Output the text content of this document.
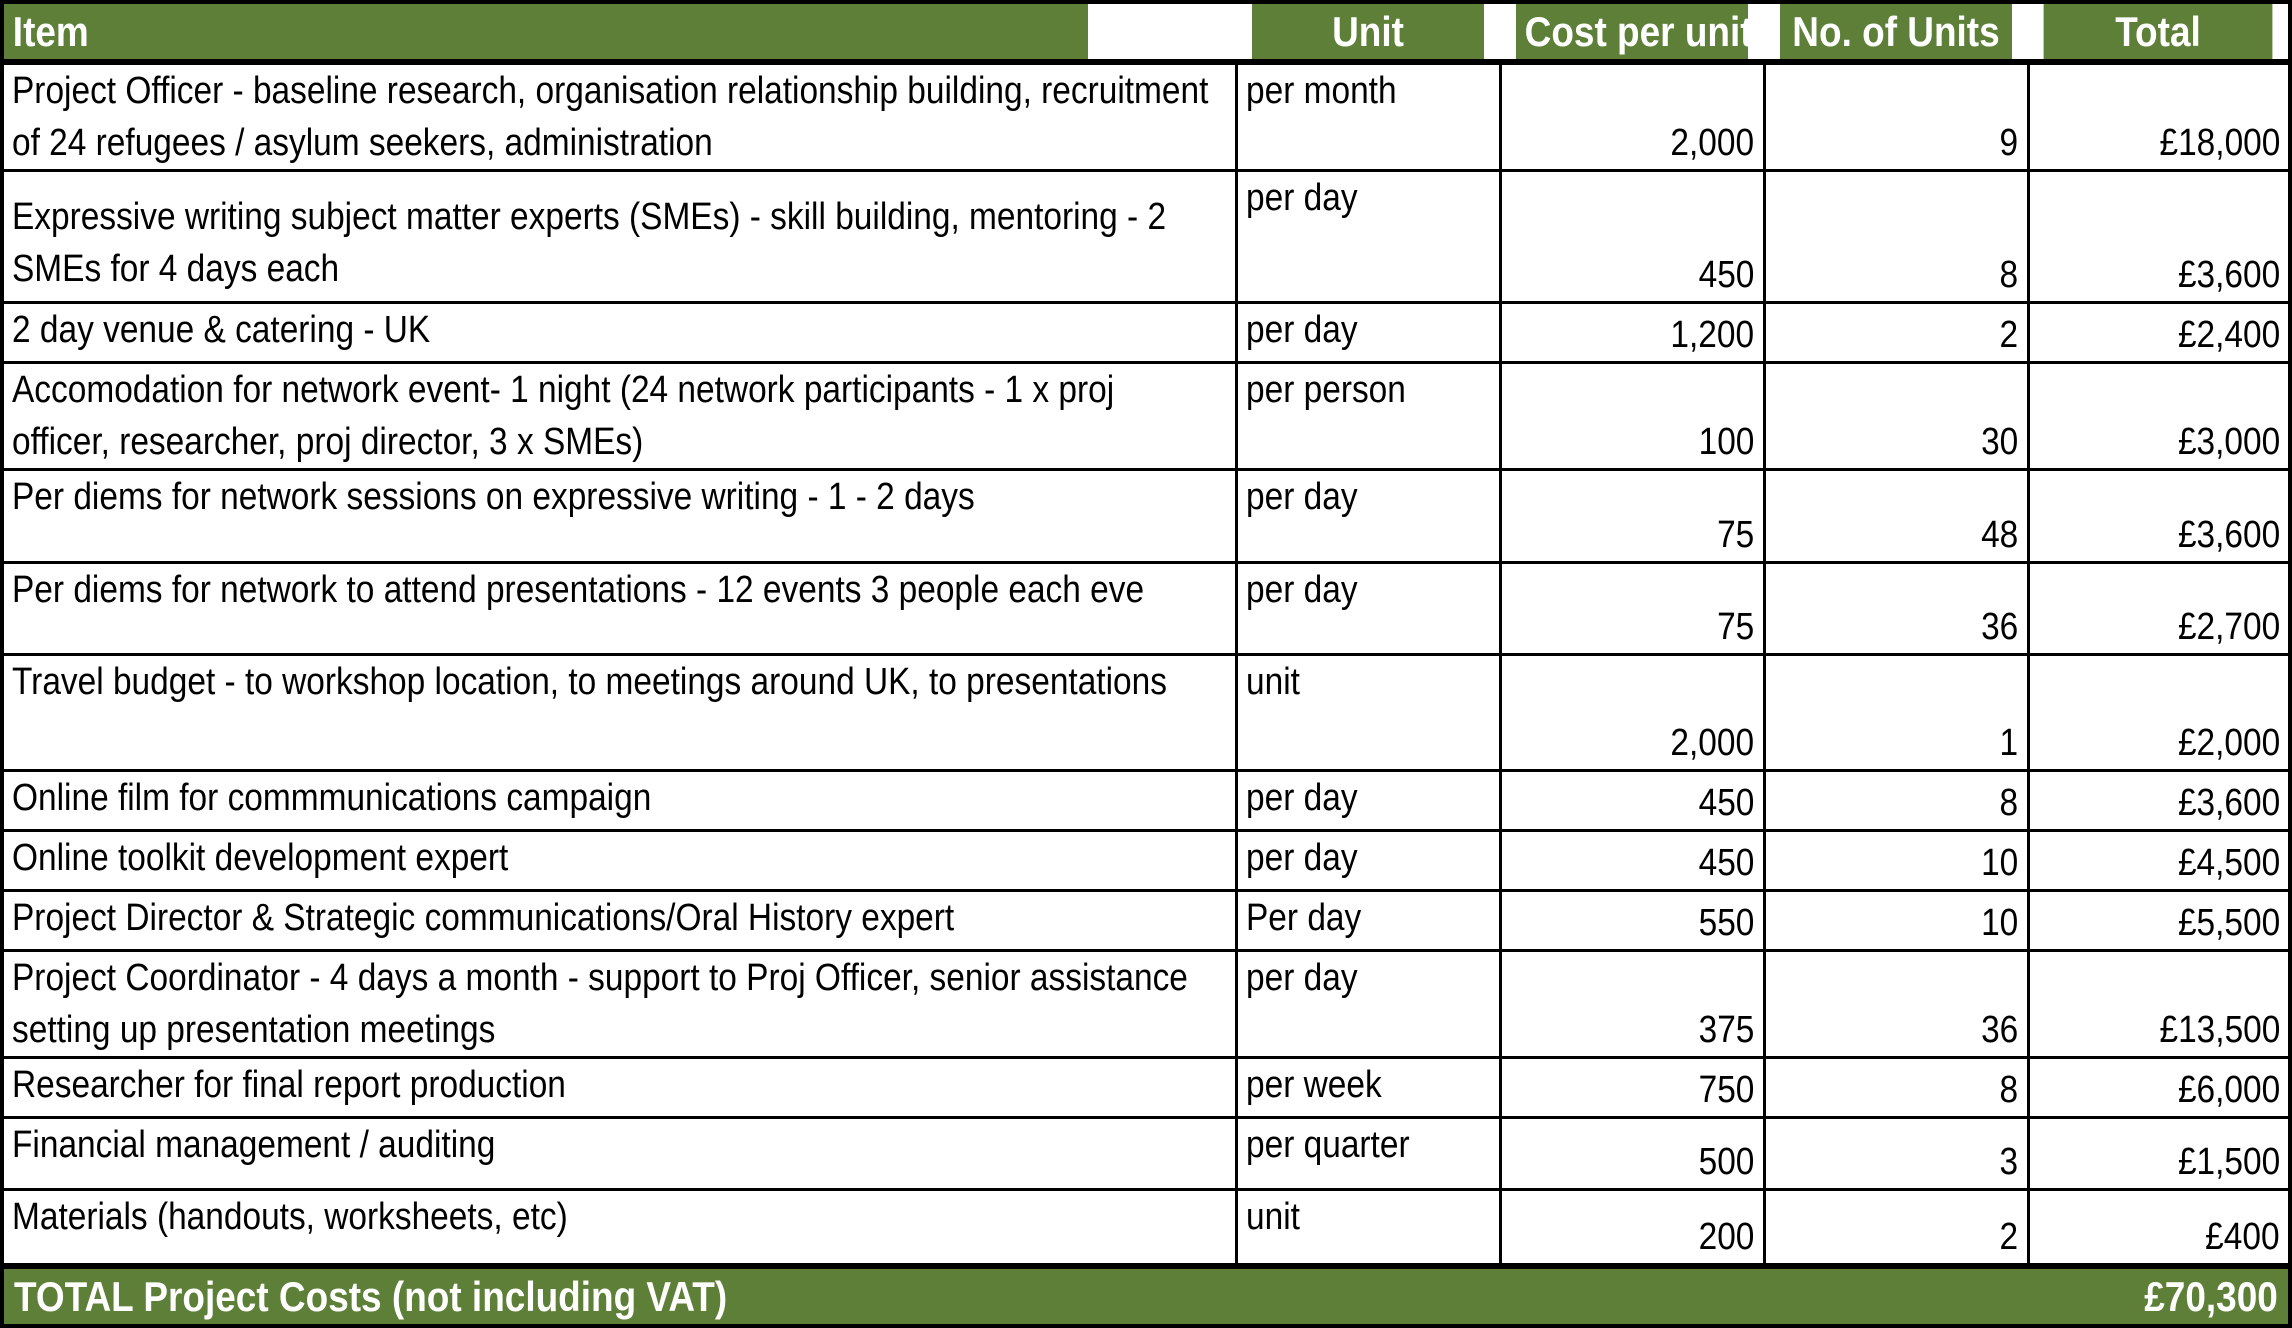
Item	Unit	Cost per unit	No. of Units	Total

Project Officer - baseline research, organisation relationship building, recruitment of 24 refugees / asylum seekers, administration	per month	2,000	9	£18,000

Expressive writing subject matter experts (SMEs) - skill building, mentoring - 2 SMEs for 4 days each	per day	450	8	£3,600

2 day venue & catering - UK	per day	1,200	2	£2,400

Accomodation for network event- 1 night (24 network participants - 1 x proj officer, researcher, proj director, 3 x SMEs)	per person	100	30	£3,000

Per diems for network sessions on expressive writing - 1 - 2 days	per day	75	48	£3,600

Per diems for network to attend presentations - 12 events 3 people each eve	per day	75	36	£2,700

Travel budget - to workshop location, to meetings around UK, to presentations	unit	2,000	1	£2,000

Online film for commmunications campaign	per day	450	8	£3,600

Online toolkit development expert	per day	450	10	£4,500

Project Director & Strategic communications/Oral History expert	Per day	550	10	£5,500

Project Coordinator - 4 days a month - support to Proj Officer, senior assistance setting up presentation meetings	per day	375	36	£13,500

Researcher for final report production	per week	750	8	£6,000

Financial management / auditing	per quarter	500	3	£1,500

Materials (handouts, worksheets, etc)	unit	200	2	£400
TOTAL Project Costs (not including VAT)				£70,300
